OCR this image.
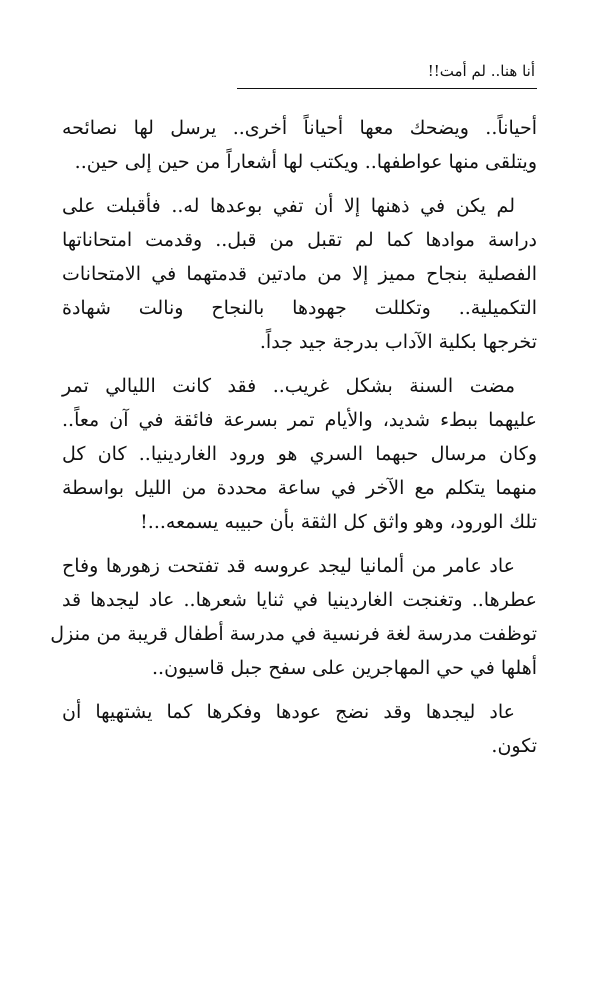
أنا هنا.. لم أمت!!

أحياناً.. ويضحك معها أحياناً أخرى.. يرسل لها نصائحه
ويتلقى منها عواطفها.. ويكتب لها أشعاراً من حين إلى حين..

لم يكن في ذهنها إلا أن تفي بوعدها له.. فأقبلت على
دراسة موادها كما لم تقبل من قبل.. وقدمت امتحاناتها
الفصلية بنجاح مميز إلا من مادتين قدمتهما في الامتحانات
التكميلية.. وتكللت جهودها بالنجاح ونالت شهادة
تخرجها بكلية الآداب بدرجة جيد جداً.

مضت السنة بشكل غريب.. فقد كانت الليالي تمر
عليهما ببطء شديد، والأيام تمر بسرعة فائقة في آن معاً..
وكان مرسال حبهما السري هو ورود الغاردينيا.. كان كل
منهما يتكلم مع الآخر في ساعة محددة من الليل بواسطة
تلك الورود، وهو واثق كل الثقة بأن حبيبه يسمعه...!

عاد عامر من ألمانيا ليجد عروسه قد تفتحت زهورها وفاح
عطرها.. وتغنجت الغاردينيا في ثنايا شعرها.. عاد ليجدها قد
توظفت مدرسة لغة فرنسية في مدرسة أطفال قريبة من منزل
أهلها في حي المهاجرين على سفح جبل قاسيون..

عاد ليجدها وقد نضج عودها وفكرها كما يشتهيها أن
تكون.
